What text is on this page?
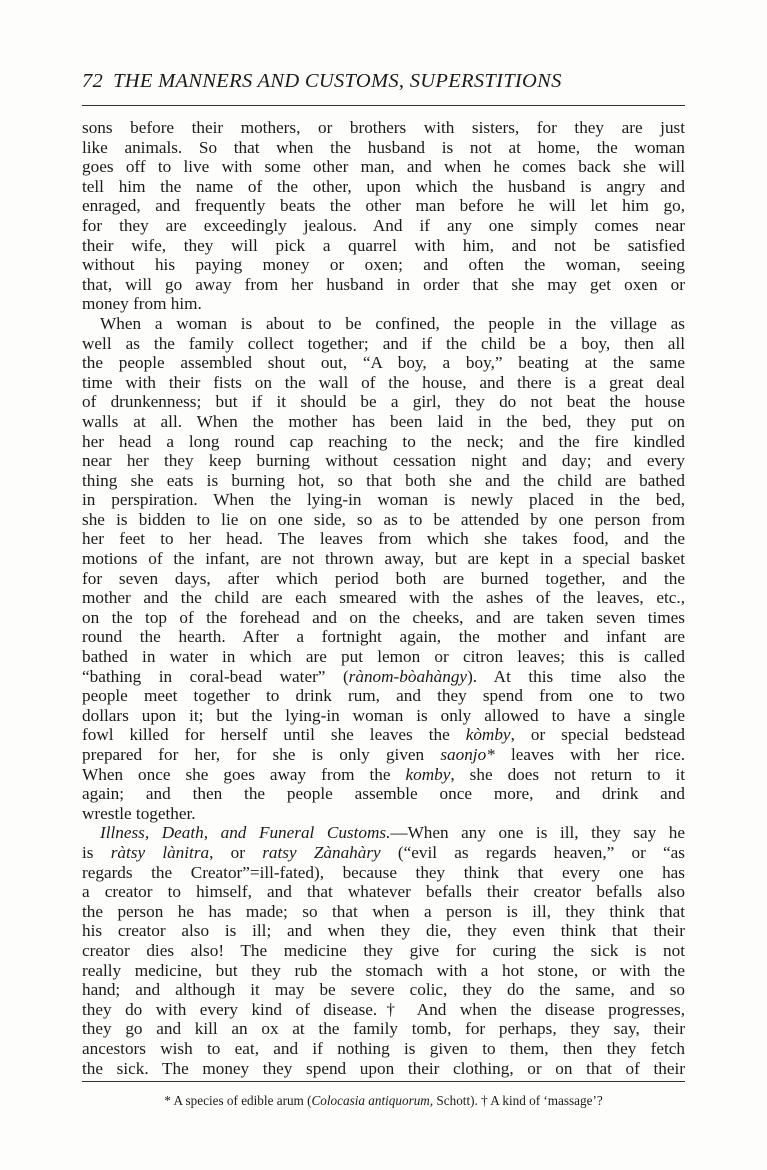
72 THE MANNERS AND CUSTOMS, SUPERSTITIONS
sons before their mothers, or brothers with sisters, for they are just
like animals. So that when the husband is not at home, the woman
goes off to live with some other man, and when he comes back she will
tell him the name of the other, upon which the husband is angry and
enraged, and frequently beats the other man before he will let him go,
for they are exceedingly jealous. And if any one simply comes near
their wife, they will pick a quarrel with him, and not be satisfied
without his paying money or oxen; and often the woman, seeing
that, will go away from her husband in order that she may get oxen or
money from him.
When a woman is about to be confined, the people in the village as
well as the family collect together; and if the child be a boy, then all
the people assembled shout out, “A boy, a boy,” beating at the same
time with their fists on the wall of the house, and there is a great deal
of drunkenness; but if it should be a girl, they do not beat the house
walls at all. When the mother has been laid in the bed, they put on
her head a long round cap reaching to the neck; and the fire kindled
near her they keep burning without cessation night and day; and every
thing she eats is burning hot, so that both she and the child are bathed
in perspiration. When the lying-in woman is newly placed in the bed,
she is bidden to lie on one side, so as to be attended by one person from
her feet to her head. The leaves from which she takes food, and the
motions of the infant, are not thrown away, but are kept in a special basket
for seven days, after which period both are burned together, and the
mother and the child are each smeared with the ashes of the leaves, etc.,
on the top of the forehead and on the cheeks, and are taken seven times
round the hearth. After a fortnight again, the mother and infant are
bathed in water in which are put lemon or citron leaves; this is called
“bathing in coral-bead water” (rànom-bòahàngy). At this time also the
people meet together to drink rum, and they spend from one to two
dollars upon it; but the lying-in woman is only allowed to have a single
fowl killed for herself until she leaves the kòmby, or special bedstead
prepared for her, for she is only given saonjo* leaves with her rice.
When once she goes away from the komby, she does not return to it
again; and then the people assemble once more, and drink and
wrestle together.
Illness, Death, and Funeral Customs.—When any one is ill, they say he
is ràtsy lànitra, or ratsy Zànahàry (“evil as regards heaven,” or “as
regards the Creator”=ill-fated), because they think that every one has
a creator to himself, and that whatever befalls their creator befalls also
the person he has made; so that when a person is ill, they think that
his creator also is ill; and when they die, they even think that their
creator dies also! The medicine they give for curing the sick is not
really medicine, but they rub the stomach with a hot stone, or with the
hand; and although it may be severe colic, they do the same, and so
they do with every kind of disease.† And when the disease progresses,
they go and kill an ox at the family tomb, for perhaps, they say, their
ancestors wish to eat, and if nothing is given to them, then they fetch
the sick. The money they spend upon their clothing, or on that of their
* A species of edible arum (Colocasia antiquorum, Schott). † A kind of ‘massage’?
